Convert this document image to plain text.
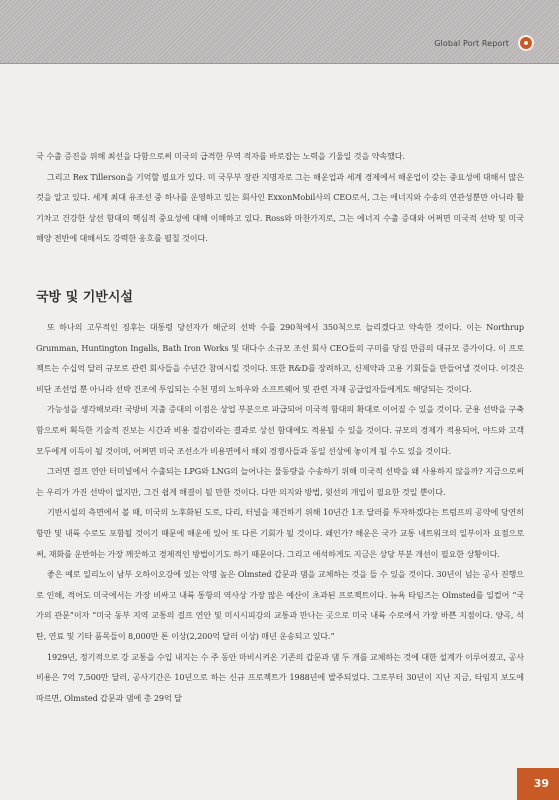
Global Port Report

국 수출 증진을 위해 최선을 다함으로써 미국의 급격한 무역 적자를 바로잡는 노력을 기울일 것을 약속했다.

그리고 Rex Tillerson을 기억할 필요가 있다. 미 국무부 장관 지명자로 그는 해운업과 세계 경제에서 해운업이 갖는 중요성에 대해서 많은 것을 알고 있다. 세계 최대 유조선 중 하나를 운영하고 있는 회사인 ExxonMobil사의 CEO로서, 그는 에너지와 수송의 연관성뿐만 아니라 활기차고 건강한 상선 함대의 핵심적 중요성에 대해 이해하고 있다. Ross와 마찬가지로, 그는 에너지 수출 증대와 어쩌면 미국적 선박 및 미국 해양 전반에 대해서도 강력한 옹호를 펼칠 것이다.

국방 및 기반시설

또 하나의 고무적인 징후는 대통령 당선자가 해군의 선박 수를 290척에서 350척으로 늘리겠다고 약속한 것이다. 이는 Northrup Grumman, Huntington Ingalls, Bath Iron Works 및 대다수 소규모 조선 회사 CEO들의 구미를 당길 만큼의 대규모 증가이다. 이 프로젝트는 수십억 달러 규모로 관련 회사들을 수년간 참여시킬 것이다. 또한 R&D를 장려하고, 신제약과 고용 기회들을 만들어낼 것이다. 이것은 비단 조선업 뿐 아니라 선박 건조에 투입되는 수천 명의 노하우와 소프트웨어 및 관련 자재 공급업자들에게도 해당되는 것이다.

가능성을 생각해보라! 국방비 지출 증대의 이점은 상업 부분으로 파급되어 미국적 함대의 확대로 이어질 수 있을 것이다. 군용 선박을 구축함으로써 획득한 기술적 진보는 시간과 비용 절감이라는 결과로 상선 함대에도 적용될 수 있을 것이다. 규모의 경제가 적용되어, 야드와 고객 모두에게 이득이 될 것이며, 어쩌면 미국 조선소가 비용면에서 해외 경쟁사들과 동일 선상에 놓이게 될 수도 있을 것이다.

그러면 걸프 연안 터미널에서 수출되는 LPG와 LNG의 늘어나는 물동량을 수송하기 위해 미국적 선박을 왜 사용하지 않을까? 지금으로써는 우리가 가진 선박이 없지만, 그건 쉽게 해결이 될 만한 것이다. 다만 의지와 방법, 윗선의 개입이 필요한 것일 뿐이다.

기반시설의 측면에서 볼 때, 미국의 노후화된 도로, 다리, 터널을 재건하기 위해 10년간 1조 달러를 투자하겠다는 트럼프의 공약에 당연히 항만 및 내륙 수로도 포함될 것이기 때문에 해운에 있어 또 다른 기회가 될 것이다. 왜인가? 해운은 국가 교통 네트워크의 일부이자 요점으로써, 재화를 운반하는 가장 깨끗하고 경제적인 방법이기도 하기 때문이다. 그리고 애석하게도 지금은 상당 부분 개선이 필요한 상황이다.

좋은 예로 일리노이 남부 오하이오강에 있는 악명 높은 Olmsted 갑문과 댐을 교체하는 것을 들 수 있을 것이다. 30년이 넘는 공사 진행으로 인해, 적어도 미국에서는 가장 비싸고 내륙 통항의 역사상 가장 많은 예산이 초과된 프로젝트이다. 뉴욕 타임즈는 Olmsted를 일컬어 “국가의 관문”이자 “미국 동부 지역 교통의 걸프 연안 및 미시시피강의 교통과 만나는 곳으로 미국 내륙 수로에서 가장 바쁜 지점이다. 양곡, 석탄, 연료 및 기타 품목들이 8,000만 톤 이상(2,200억 달러 이상) 매년 운송되고 있다.”

1929년, 정기적으로 강 교통을 수입 내지는 수 주 동안 마비시켜온 기존의 갑문과 댐 두 개를 교체하는 것에 대한 설계가 이루어졌고, 공사비용은 7억 7,500만 달러, 공사기간은 10년으로 하는 신규 프로젝트가 1988년에 발주되었다. 그로부터 30년이 지난 지금, 타임지 보도에 따르면, Olmsted 갑문과 댐에 총 29억 달

39
